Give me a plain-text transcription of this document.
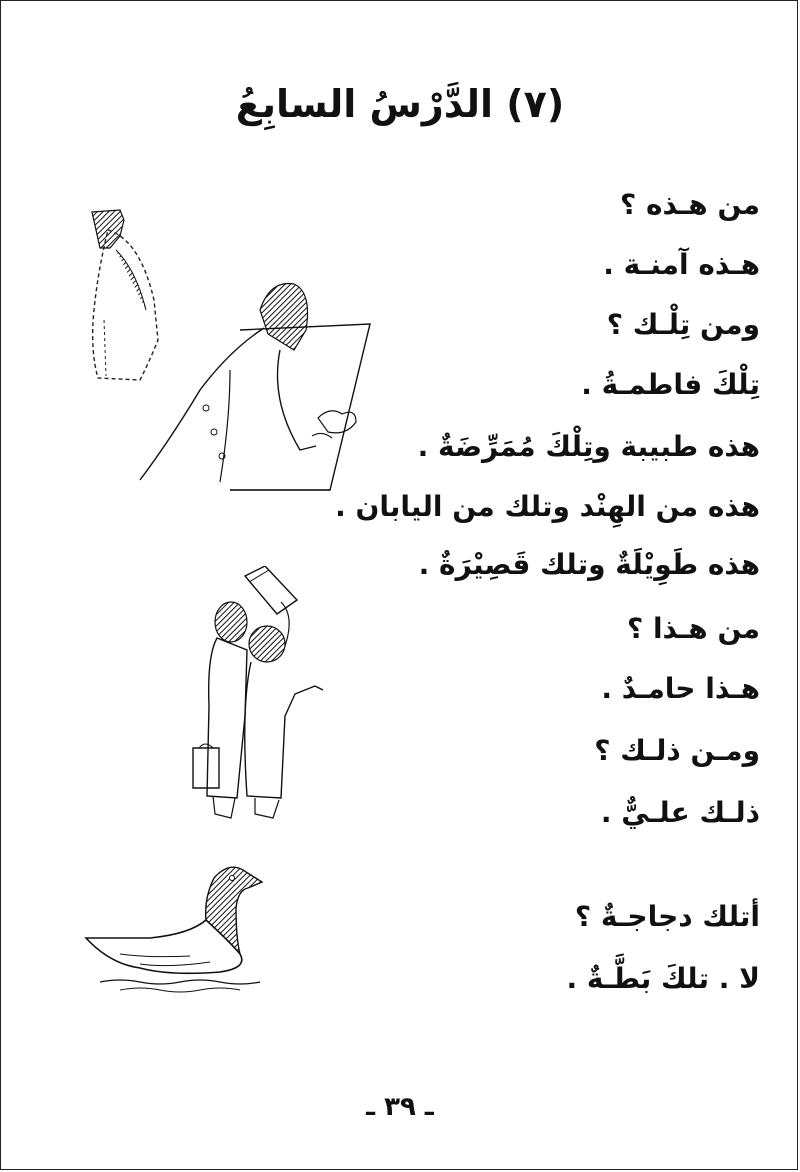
(٧) الدَّرْسُ السابِعُ
من هـذه ؟
هـذه آمنـة .
ومن تِلْـك ؟
تِلْكَ فاطمـةُ .
هذه طبيبة وتِلْكَ مُمَرِّضَةٌ .
هذه من الهِنْد وتلك من اليابان .
هذه طَوِيْلَةٌ وتلك قَصِيْرَةٌ .
من هـذا ؟
هـذا حامـدٌ .
ومـن ذلـك ؟
ذلـك علـيٌّ .
أتلك دجاجـةٌ ؟
لا . تلكَ بَطَّـةٌ .
ـ ٣٩ ـ
